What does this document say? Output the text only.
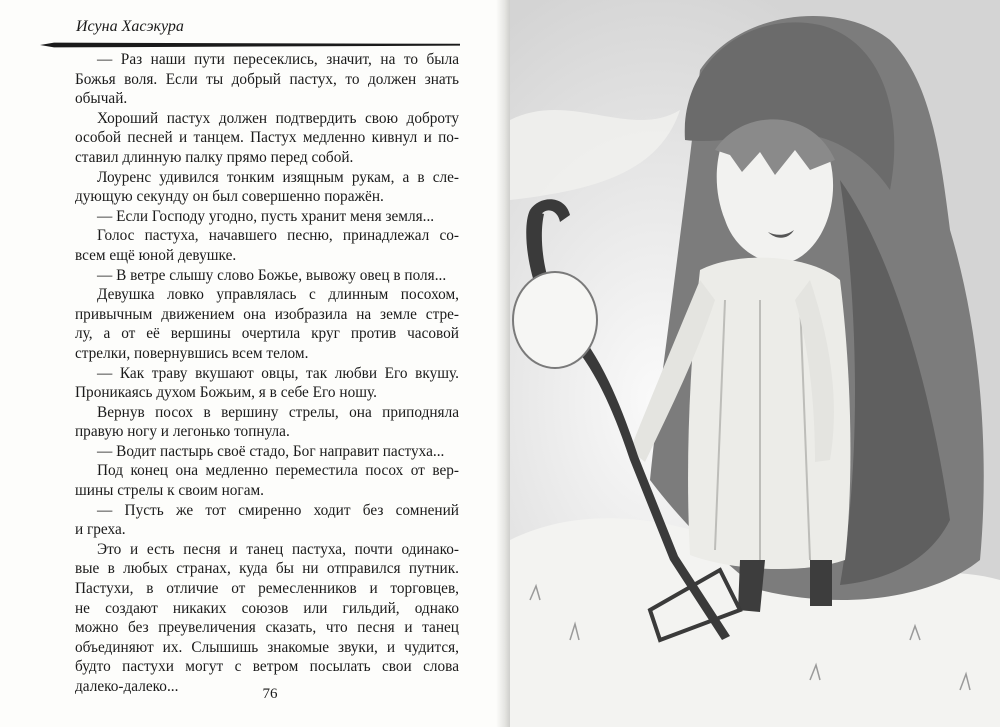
Исуна Хасэкура
— Раз наши пути пересеклись, значит, на то была
Божья воля. Если ты добрый пастух, то должен знать
обычай.
Хороший пастух должен подтвердить свою доброту
особой песней и танцем. Пастух медленно кивнул и по-
ставил длинную палку прямо перед собой.
Лоуренс удивился тонким изящным рукам, а в сле-
дующую секунду он был совершенно поражён.
— Если Господу угодно, пусть хранит меня земля...
Голос пастуха, начавшего песню, принадлежал со-
всем ещё юной девушке.
— В ветре слышу слово Божье, вывожу овец в поля...
Девушка ловко управлялась с длинным посохом,
привычным движением она изобразила на земле стре-
лу, а от её вершины очертила круг против часовой
стрелки, повернувшись всем телом.
— Как траву вкушают овцы, так любви Его вкушу.
Проникаясь духом Божьим, я в себе Его ношу.
Вернув посох в вершину стрелы, она приподняла
правую ногу и легонько топнула.
— Водит пастырь своё стадо, Бог направит пастуха...
Под конец она медленно переместила посох от вер-
шины стрелы к своим ногам.
— Пусть же тот смиренно ходит без сомнений
и греха.
Это и есть песня и танец пастуха, почти одинако-
вые в любых странах, куда бы ни отправился путник.
Пастухи, в отличие от ремесленников и торговцев,
не создают никаких союзов или гильдий, однако
можно без преувеличения сказать, что песня и танец
объединяют их. Слышишь знакомые звуки, и чудится,
будто пастухи могут с ветром посылать свои слова
далеко-далеко...	76
